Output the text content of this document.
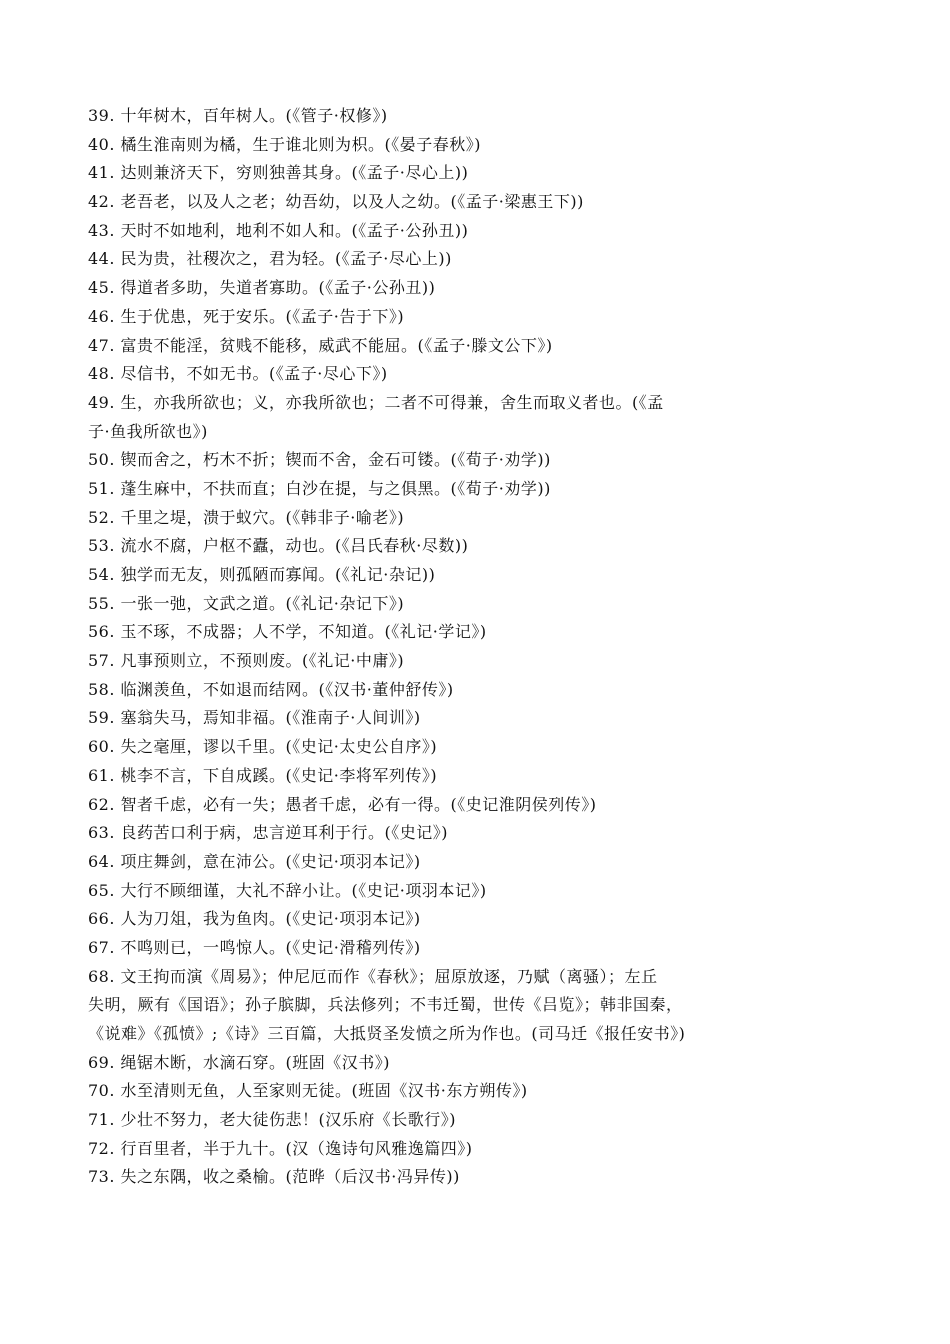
39. 十年树木，百年树人。(《管子·权修》)
40. 橘生淮南则为橘，生于谁北则为枳。(《晏子春秋》)
41. 达则兼济天下，穷则独善其身。(《孟子·尽心上))
42. 老吾老，以及人之老；幼吾幼，以及人之幼。(《孟子·梁惠王下))
43. 天时不如地利，地利不如人和。(《孟子·公孙丑))
44. 民为贵，社稷次之，君为轻。(《孟子·尽心上))
45. 得道者多助，失道者寡助。(《孟子·公孙丑))
46. 生于优患，死于安乐。(《孟子·告于下》)
47. 富贵不能淫，贫贱不能移，威武不能屈。(《孟子·滕文公下》)
48. 尽信书，不如无书。(《孟子·尽心下》)
49. 生，亦我所欲也；义，亦我所欲也；二者不可得兼，舍生而取义者也。(《孟
子·鱼我所欲也》)
50. 锲而舍之，朽木不折；锲而不舍，金石可镂。(《荀子·劝学))
51. 蓬生麻中，不扶而直；白沙在提，与之俱黑。(《荀子·劝学))
52. 千里之堤，溃于蚁穴。(《韩非子·喻老》)
53. 流水不腐，户枢不蠹，动也。(《吕氏春秋·尽数))
54. 独学而无友，则孤陋而寡闻。(《礼记·杂记))
55. 一张一弛，文武之道。(《礼记·杂记下》)
56. 玉不琢，不成器；人不学，不知道。(《礼记·学记》)
57. 凡事预则立，不预则废。(《礼记·中庸》)
58. 临渊羡鱼，不如退而结网。(《汉书·董仲舒传》)
59. 塞翁失马，焉知非福。(《淮南子·人间训》)
60. 失之毫厘，谬以千里。(《史记·太史公自序》)
61. 桃李不言，下自成蹊。(《史记·李将军列传》)
62. 智者千虑，必有一失；愚者千虑，必有一得。(《史记淮阴侯列传》)
63. 良药苦口利于病，忠言逆耳利于行。(《史记》)
64. 项庄舞剑，意在沛公。(《史记·项羽本记》)
65. 大行不顾细谨，大礼不辞小让。(《史记·项羽本记》)
66. 人为刀俎，我为鱼肉。(《史记·项羽本记》)
67. 不鸣则已，一鸣惊人。(《史记·滑稽列传》)
68. 文王拘而演《周易》；仲尼厄而作《春秋》；屈原放逐，乃赋（离骚）；左丘
失明，厥有《国语》；孙子膑脚，兵法修列；不韦迁蜀，世传《吕览》；韩非国秦，
《说难》《孤愤》;《诗》三百篇，大抵贤圣发愤之所为作也。(司马迁《报任安书》)
69. 绳锯木断，水滴石穿。(班固《汉书》)
70. 水至清则无鱼，人至家则无徒。(班固《汉书·东方朔传》)
71. 少壮不努力，老大徒伤悲！(汉乐府《长歌行》)
72. 行百里者，半于九十。(汉（逸诗句风雅逸篇四》)
73. 失之东隅，收之桑榆。(范晔（后汉书·冯异传))
